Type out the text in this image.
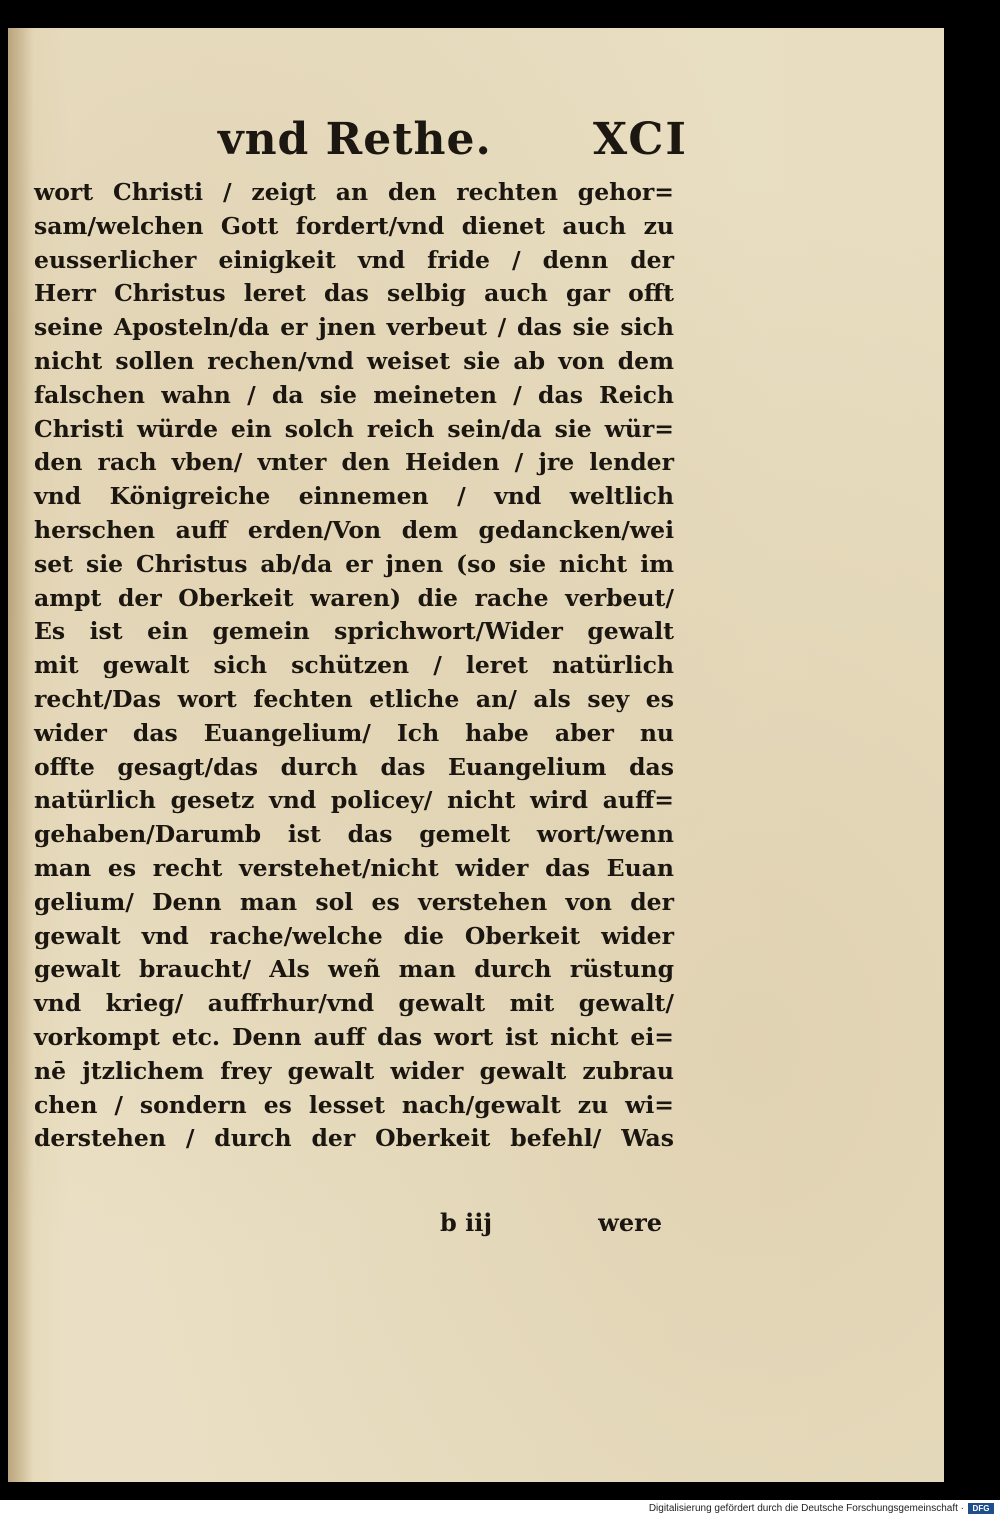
vnd Rethe. XCI
wort Christi / zeigt an den rechten gehor=
sam/welchen Gott fordert/vnd dienet auch zu
eusserlicher einigkeit vnd fride / denn der
Herr Christus leret das selbig auch gar offt
seine Aposteln/da er jnen verbeut / das sie sich
nicht sollen rechen/vnd weiset sie ab von dem
falschen wahn / da sie meineten / das Reich
Christi würde ein solch reich sein/da sie wür=
den rach vben/ vnter den Heiden / jre lender
vnd Königreiche einnemen / vnd weltlich
herschen auff erden/Von dem gedancken/wei
set sie Christus ab/da er jnen (so sie nicht im
ampt der Oberkeit waren) die rache verbeut/
Es ist ein gemein sprichwort/Wider gewalt
mit gewalt sich schützen / leret natürlich
recht/Das wort fechten etliche an/ als sey es
wider das Euangelium/ Ich habe aber nu
offte gesagt/das durch das Euangelium das
natürlich gesetz vnd policey/ nicht wird auff=
gehaben/Darumb ist das gemelt wort/wenn
man es recht verstehet/nicht wider das Euan
gelium/ Denn man sol es verstehen von der
gewalt vnd rache/welche die Oberkeit wider
gewalt braucht/ Als weñ man durch rüstung
vnd krieg/ auffrhur/vnd gewalt mit gewalt/
vorkompt etc. Denn auff das wort ist nicht ei=
nē jtzlichem frey gewalt wider gewalt zubrau
chen / sondern es lesset nach/gewalt zu wi=
derstehen / durch der Oberkeit befehl/ Was
b iij	were
Digitalisierung gefördert durch die Deutsche Forschungsgemeinschaft ·	DFG
